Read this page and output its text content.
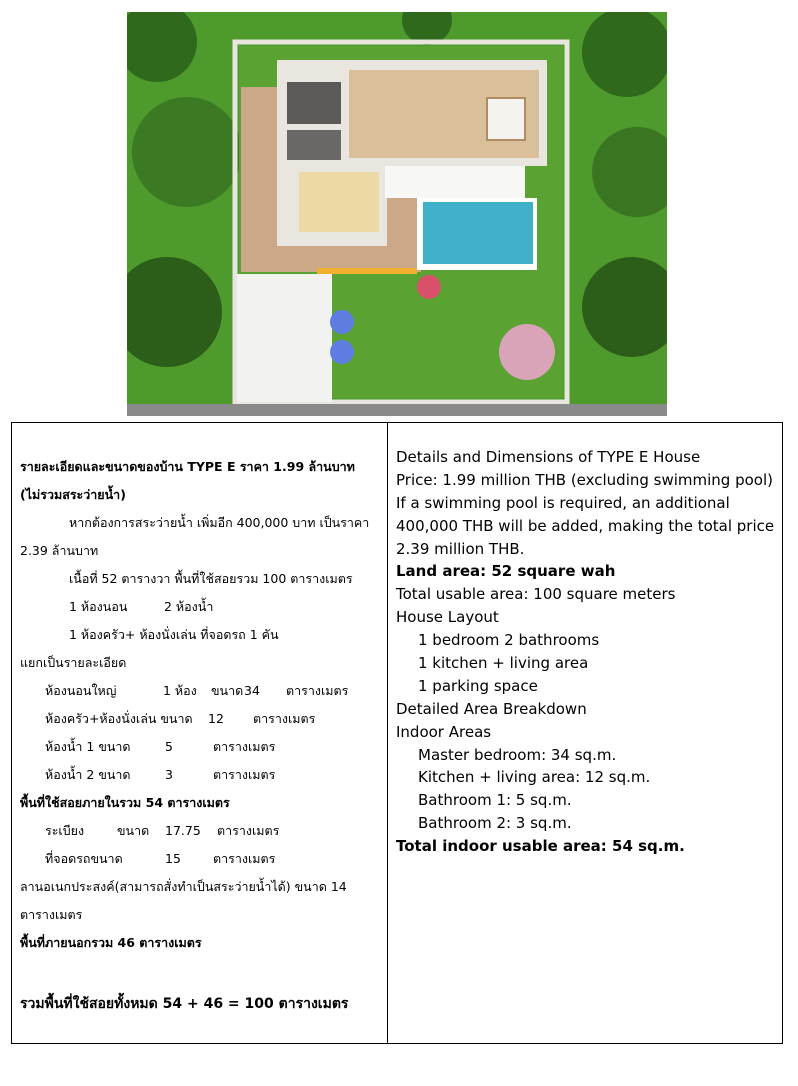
รายละเอียดและขนาดของบ้าน TYPE E ราคา 1.99 ล้านบาท
(ไม่รวมสระว่ายน้ำ)
หากต้องการสระว่ายน้ำ เพิ่มอีก 400,000 บาท เป็นราคา
2.39 ล้านบาท
เนื้อที่ 52 ตารางวา พื้นที่ใช้สอยรวม 100 ตารางเมตร
1 ห้องนอน	2 ห้องน้ำ
1 ห้องครัว+ ห้องนั่งเล่น ที่จอดรถ 1 คัน
แยกเป็นรายละเอียด
ห้องนอนใหญ่	1 ห้อง ขนาด34 ตารางเมตร
ห้องครัว+ห้องนั่งเล่น ขนาด 12 ตารางเมตร
ห้องน้ำ 1 ขนาด	5	ตารางเมตร
ห้องน้ำ 2 ขนาด	3	ตารางเมตร
พื้นที่ใช้สอยภายในรวม 54 ตารางเมตร
ระเบียง	ขนาด 17.75 ตารางเมตร
ที่จอดรถขนาด	15	ตารางเมตร
ลานอเนกประสงค์(สามารถสั่งทำเป็นสระว่ายน้ำได้) ขนาด 14
ตารางเมตร
พื้นที่ภายนอกรวม 46 ตารางเมตร
รวมพื้นที่ใช้สอยทั้งหมด 54 + 46 = 100 ตารางเมตร
Details and Dimensions of TYPE E House
Price: 1.99 million THB (excluding swimming pool)
If a swimming pool is required, an additional
400,000 THB will be added, making the total price
2.39 million THB.
Land area: 52 square wah
Total usable area: 100 square meters
House Layout
1 bedroom 2 bathrooms
1 kitchen + living area
1 parking space
Detailed Area Breakdown
Indoor Areas
Master bedroom: 34 sq.m.
Kitchen + living area: 12 sq.m.
Bathroom 1: 5 sq.m.
Bathroom 2: 3 sq.m.
Total indoor usable area: 54 sq.m.
